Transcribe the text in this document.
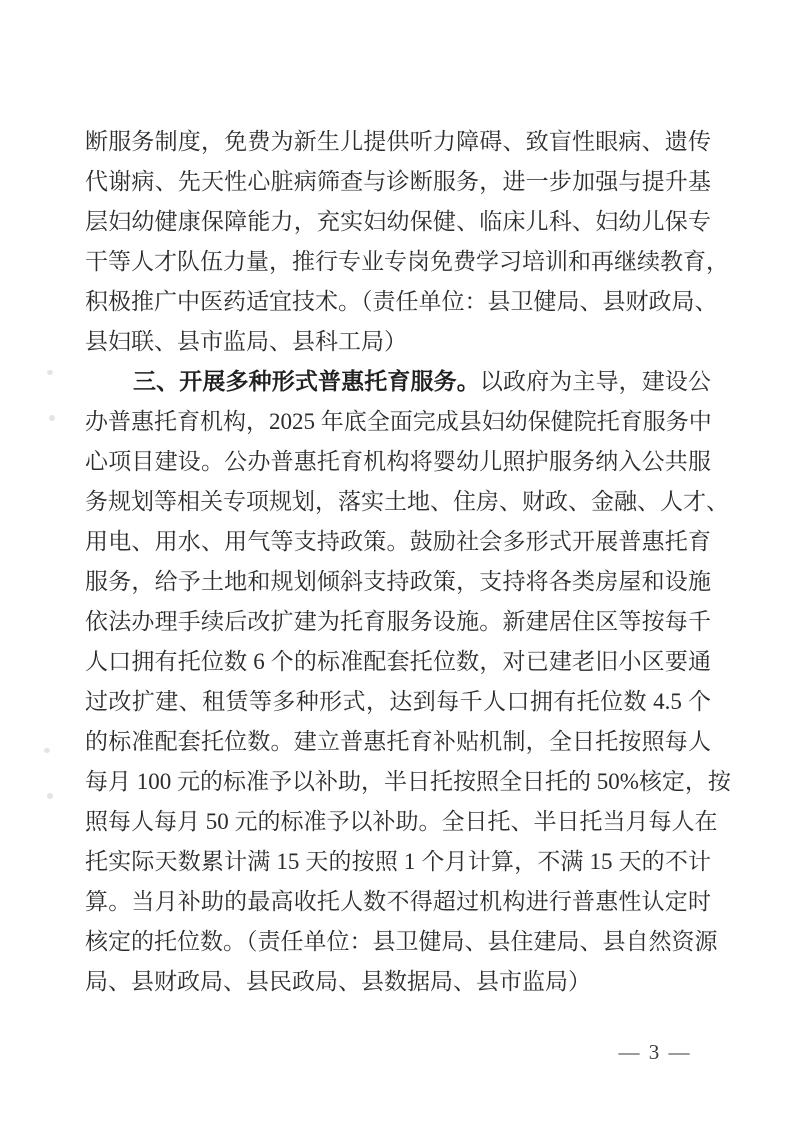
断服务制度，免费为新生儿提供听力障碍、致盲性眼病、遗传
代谢病、先天性心脏病筛查与诊断服务，进一步加强与提升基
层妇幼健康保障能力，充实妇幼保健、临床儿科、妇幼儿保专
干等人才队伍力量，推行专业专岗免费学习培训和再继续教育，
积极推广中医药适宜技术。（责任单位：县卫健局、县财政局、
县妇联、县市监局、县科工局）
三、开展多种形式普惠托育服务。以政府为主导，建设公
办普惠托育机构，2025 年底全面完成县妇幼保健院托育服务中
心项目建设。公办普惠托育机构将婴幼儿照护服务纳入公共服
务规划等相关专项规划，落实土地、住房、财政、金融、人才、
用电、用水、用气等支持政策。鼓励社会多形式开展普惠托育
服务，给予土地和规划倾斜支持政策，支持将各类房屋和设施
依法办理手续后改扩建为托育服务设施。新建居住区等按每千
人口拥有托位数 6 个的标准配套托位数，对已建老旧小区要通
过改扩建、租赁等多种形式，达到每千人口拥有托位数 4.5 个
的标准配套托位数。建立普惠托育补贴机制，全日托按照每人
每月 100 元的标准予以补助，半日托按照全日托的 50%核定，按
照每人每月 50 元的标准予以补助。全日托、半日托当月每人在
托实际天数累计满 15 天的按照 1 个月计算，不满 15 天的不计
算。当月补助的最高收托人数不得超过机构进行普惠性认定时
核定的托位数。（责任单位：县卫健局、县住建局、县自然资源
局、县财政局、县民政局、县数据局、县市监局）
— 3 —
